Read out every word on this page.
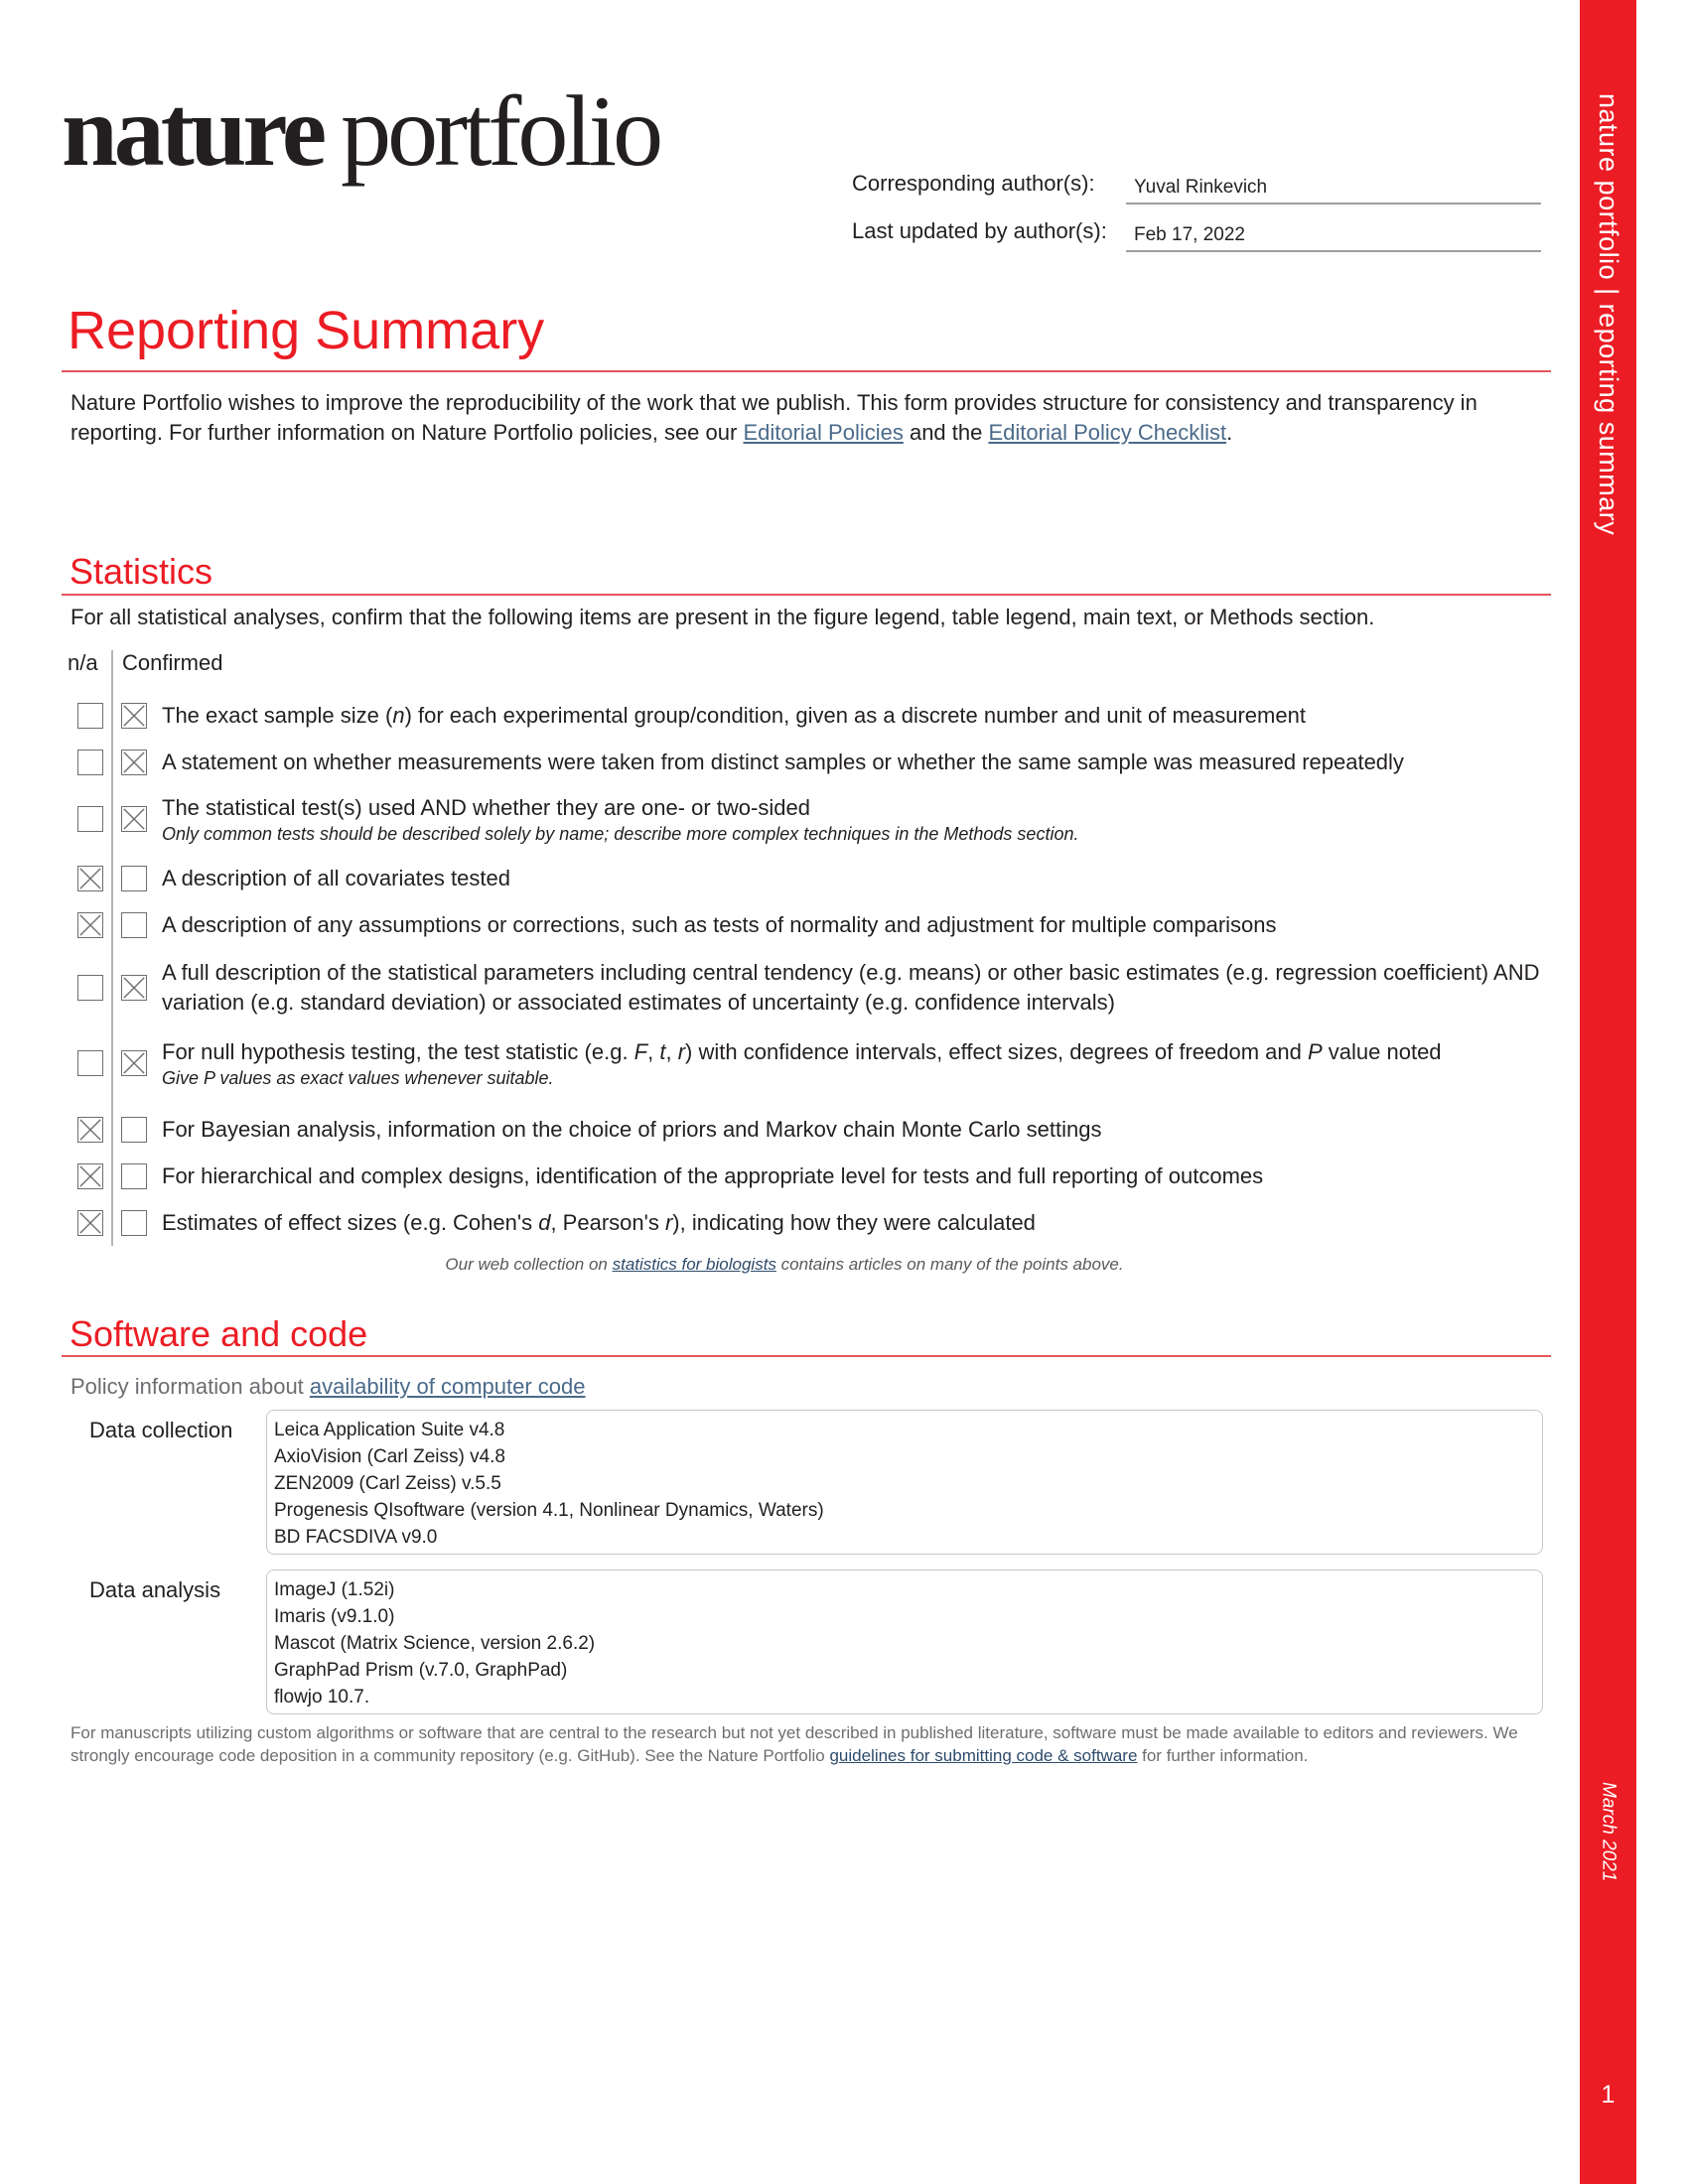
nature portfolio | reporting summary
March 2021
1
nature portfolio	Corresponding author(s): Yuval Rinkevich
Last updated by author(s): Feb 17, 2022
Reporting Summary
Nature Portfolio wishes to improve the reproducibility of the work that we publish. This form provides structure for consistency and transparency in reporting. For further information on Nature Portfolio policies, see our Editorial Policies and the Editorial Policy Checklist.
Statistics
For all statistical analyses, confirm that the following items are present in the figure legend, table legend, main text, or Methods section.
n/a Confirmed
The exact sample size (n) for each experimental group/condition, given as a discrete number and unit of measurement
A statement on whether measurements were taken from distinct samples or whether the same sample was measured repeatedly
The statistical test(s) used AND whether they are one- or two-sided
Only common tests should be described solely by name; describe more complex techniques in the Methods section.
A description of all covariates tested
A description of any assumptions or corrections, such as tests of normality and adjustment for multiple comparisons
A full description of the statistical parameters including central tendency (e.g. means) or other basic estimates (e.g. regression coefficient) AND variation (e.g. standard deviation) or associated estimates of uncertainty (e.g. confidence intervals)
For null hypothesis testing, the test statistic (e.g. F, t, r) with confidence intervals, effect sizes, degrees of freedom and P value noted
Give P values as exact values whenever suitable.
For Bayesian analysis, information on the choice of priors and Markov chain Monte Carlo settings
For hierarchical and complex designs, identification of the appropriate level for tests and full reporting of outcomes
Estimates of effect sizes (e.g. Cohen's d, Pearson's r), indicating how they were calculated
Our web collection on statistics for biologists contains articles on many of the points above.
Software and code
Policy information about availability of computer code
Data collection Leica Application Suite v4.8
AxioVision (Carl Zeiss) v4.8
ZEN2009 (Carl Zeiss) v.5.5
Progenesis QIsoftware (version 4.1, Nonlinear Dynamics, Waters)
BD FACSDIVA v9.0
Data analysis	ImageJ (1.52i)
Imaris (v9.1.0)
Mascot (Matrix Science, version 2.6.2)
GraphPad Prism (v.7.0, GraphPad)
flowjo 10.7.
For manuscripts utilizing custom algorithms or software that are central to the research but not yet described in published literature, software must be made available to editors and reviewers. We strongly encourage code deposition in a community repository (e.g. GitHub). See the Nature Portfolio guidelines for submitting code & software for further information.
